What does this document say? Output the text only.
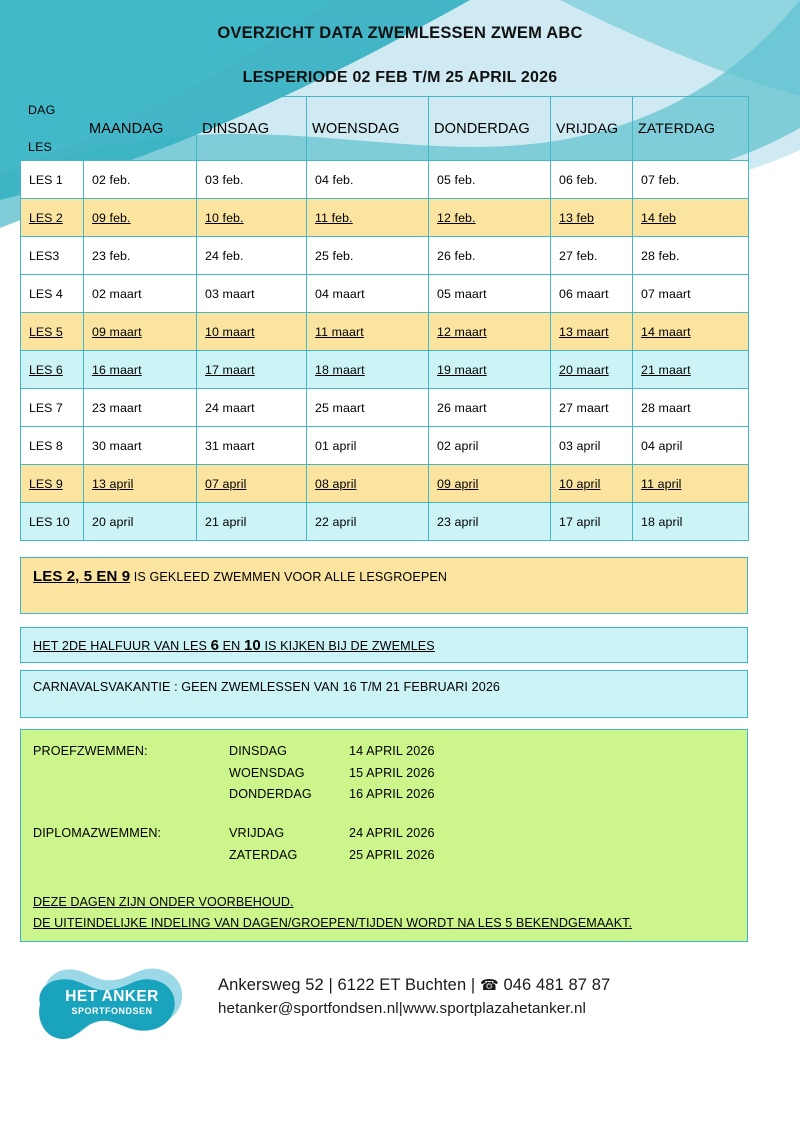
OVERZICHT DATA ZWEMLESSEN ZWEM ABC
LESPERIODE 02 FEB T/M 25 APRIL 2026
DAG
LES	MAANDAG	DINSDAG	WOENSDAG	DONDERDAG	VRIJDAG	ZATERDAG
LES 1	02 feb.	03 feb.	04 feb.	05 feb.	06 feb.	07 feb.
LES 2	09 feb.	10 feb.	11 feb.	12 feb.	13 feb	14 feb
LES3	23 feb.	24 feb.	25 feb.	26 feb.	27 feb.	28 feb.
LES 4	02 maart	03 maart	04 maart	05 maart	06 maart	07 maart
LES 5	09 maart	10 maart	11 maart	12 maart	13 maart	14 maart
LES 6	16 maart	17 maart	18 maart	19 maart	20 maart	21 maart
LES 7	23 maart	24 maart	25 maart	26 maart	27 maart	28 maart
LES 8	30 maart	31 maart	01 april	02 april	03 april	04 april
LES 9	13 april	07 april	08 april	09 april	10 april	11 april
LES 10	20 april	21 april	22 april	23 april	17 april	18 april
LES 2, 5 EN 9 IS GEKLEED ZWEMMEN VOOR ALLE LESGROEPEN
HET 2DE HALFUUR VAN LES 6 EN 10 IS KIJKEN BIJ DE ZWEMLES
CARNAVALSVAKANTIE : GEEN ZWEMLESSEN VAN 16 T/M 21 FEBRUARI 2026
PROEFZWEMMEN:	DINSDAG	14 APRIL 2026
WOENSDAG	15 APRIL 2026
DONDERDAG	16 APRIL 2026
DIPLOMAZWEMMEN:	VRIJDAG	24 APRIL 2026
ZATERDAG	25 APRIL 2026
DEZE DAGEN ZIJN ONDER VOORBEHOUD.
DE UITEINDELIJKE INDELING VAN DAGEN/GROEPEN/TIJDEN WORDT NA LES 5 BEKENDGEMAAKT.
HET ANKER
SPORTFONDSEN
Ankersweg 52 | 6122 ET Buchten | ☎ 046 481 87 87
hetanker@sportfondsen.nl|www.sportplazahetanker.nl
